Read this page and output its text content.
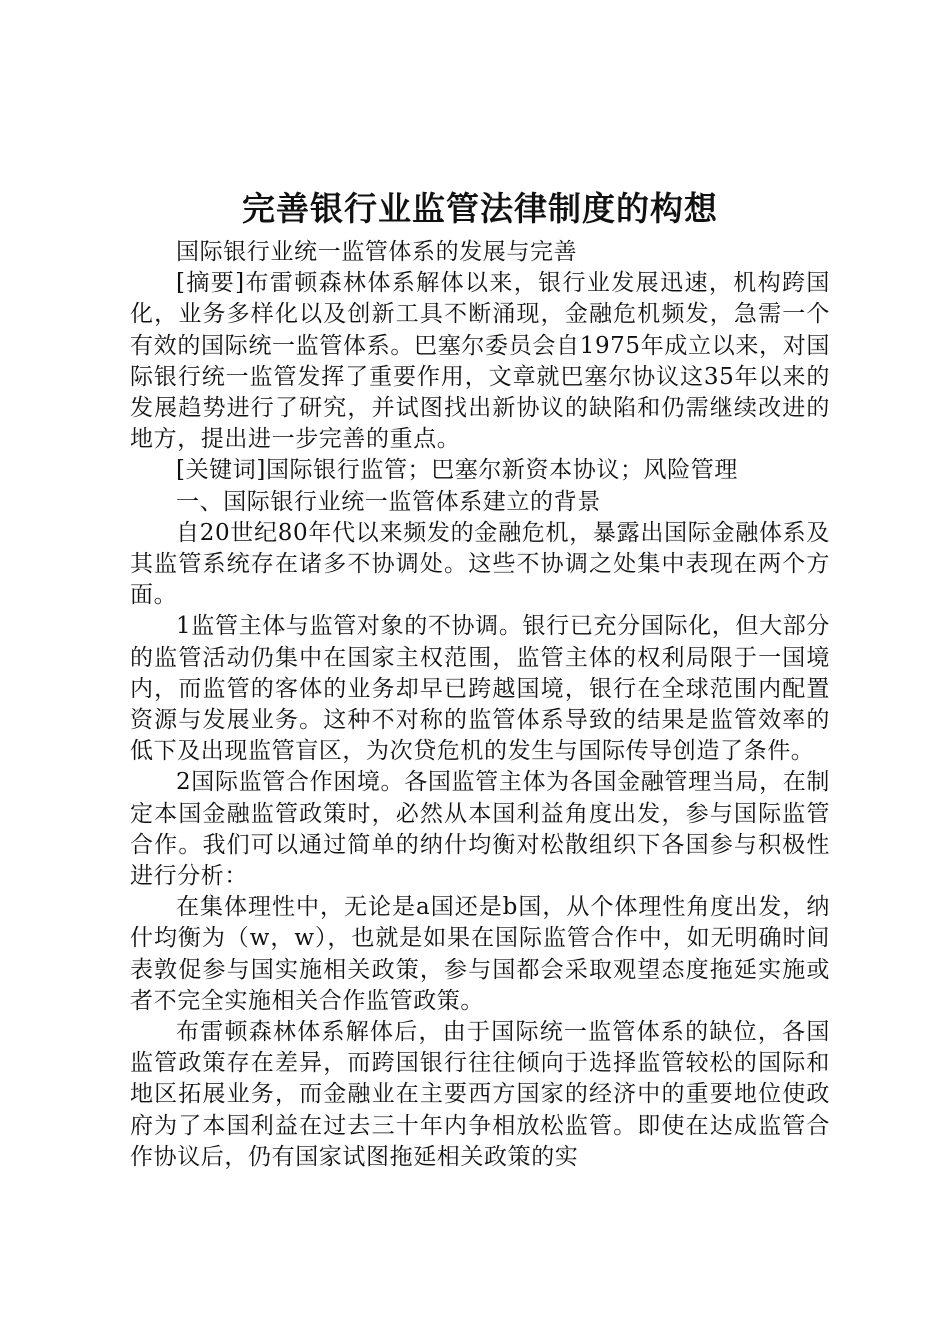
完善银行业监管法律制度的构想

国际银行业统一监管体系的发展与完善

[摘要]布雷顿森林体系解体以来，银行业发展迅速，机构跨国化，业务多样化以及创新工具不断涌现，金融危机频发，急需一个有效的国际统一监管体系。巴塞尔委员会自1975年成立以来，对国际银行统一监管发挥了重要作用，文章就巴塞尔协议这35年以来的发展趋势进行了研究，并试图找出新协议的缺陷和仍需继续改进的地方，提出进一步完善的重点。

[关键词]国际银行监管；巴塞尔新资本协议；风险管理

一、国际银行业统一监管体系建立的背景

自20世纪80年代以来频发的金融危机，暴露出国际金融体系及其监管系统存在诸多不协调处。这些不协调之处集中表现在两个方面。

1监管主体与监管对象的不协调。银行已充分国际化，但大部分的监管活动仍集中在国家主权范围，监管主体的权利局限于一国境内，而监管的客体的业务却早已跨越国境，银行在全球范围内配置资源与发展业务。这种不对称的监管体系导致的结果是监管效率的低下及出现监管盲区，为次贷危机的发生与国际传导创造了条件。

2国际监管合作困境。各国监管主体为各国金融管理当局，在制定本国金融监管政策时，必然从本国利益角度出发，参与国际监管合作。我们可以通过简单的纳什均衡对松散组织下各国参与积极性进行分析：

在集体理性中，无论是a国还是b国，从个体理性角度出发，纳什均衡为（w，w），也就是如果在国际监管合作中，如无明确时间表敦促参与国实施相关政策，参与国都会采取观望态度拖延实施或者不完全实施相关合作监管政策。

布雷顿森林体系解体后，由于国际统一监管体系的缺位，各国监管政策存在差异，而跨国银行往往倾向于选择监管较松的国际和地区拓展业务，而金融业在主要西方国家的经济中的重要地位使政府为了本国利益在过去三十年内争相放松监管。即使在达成监管合作协议后，仍有国家试图拖延相关政策的实
